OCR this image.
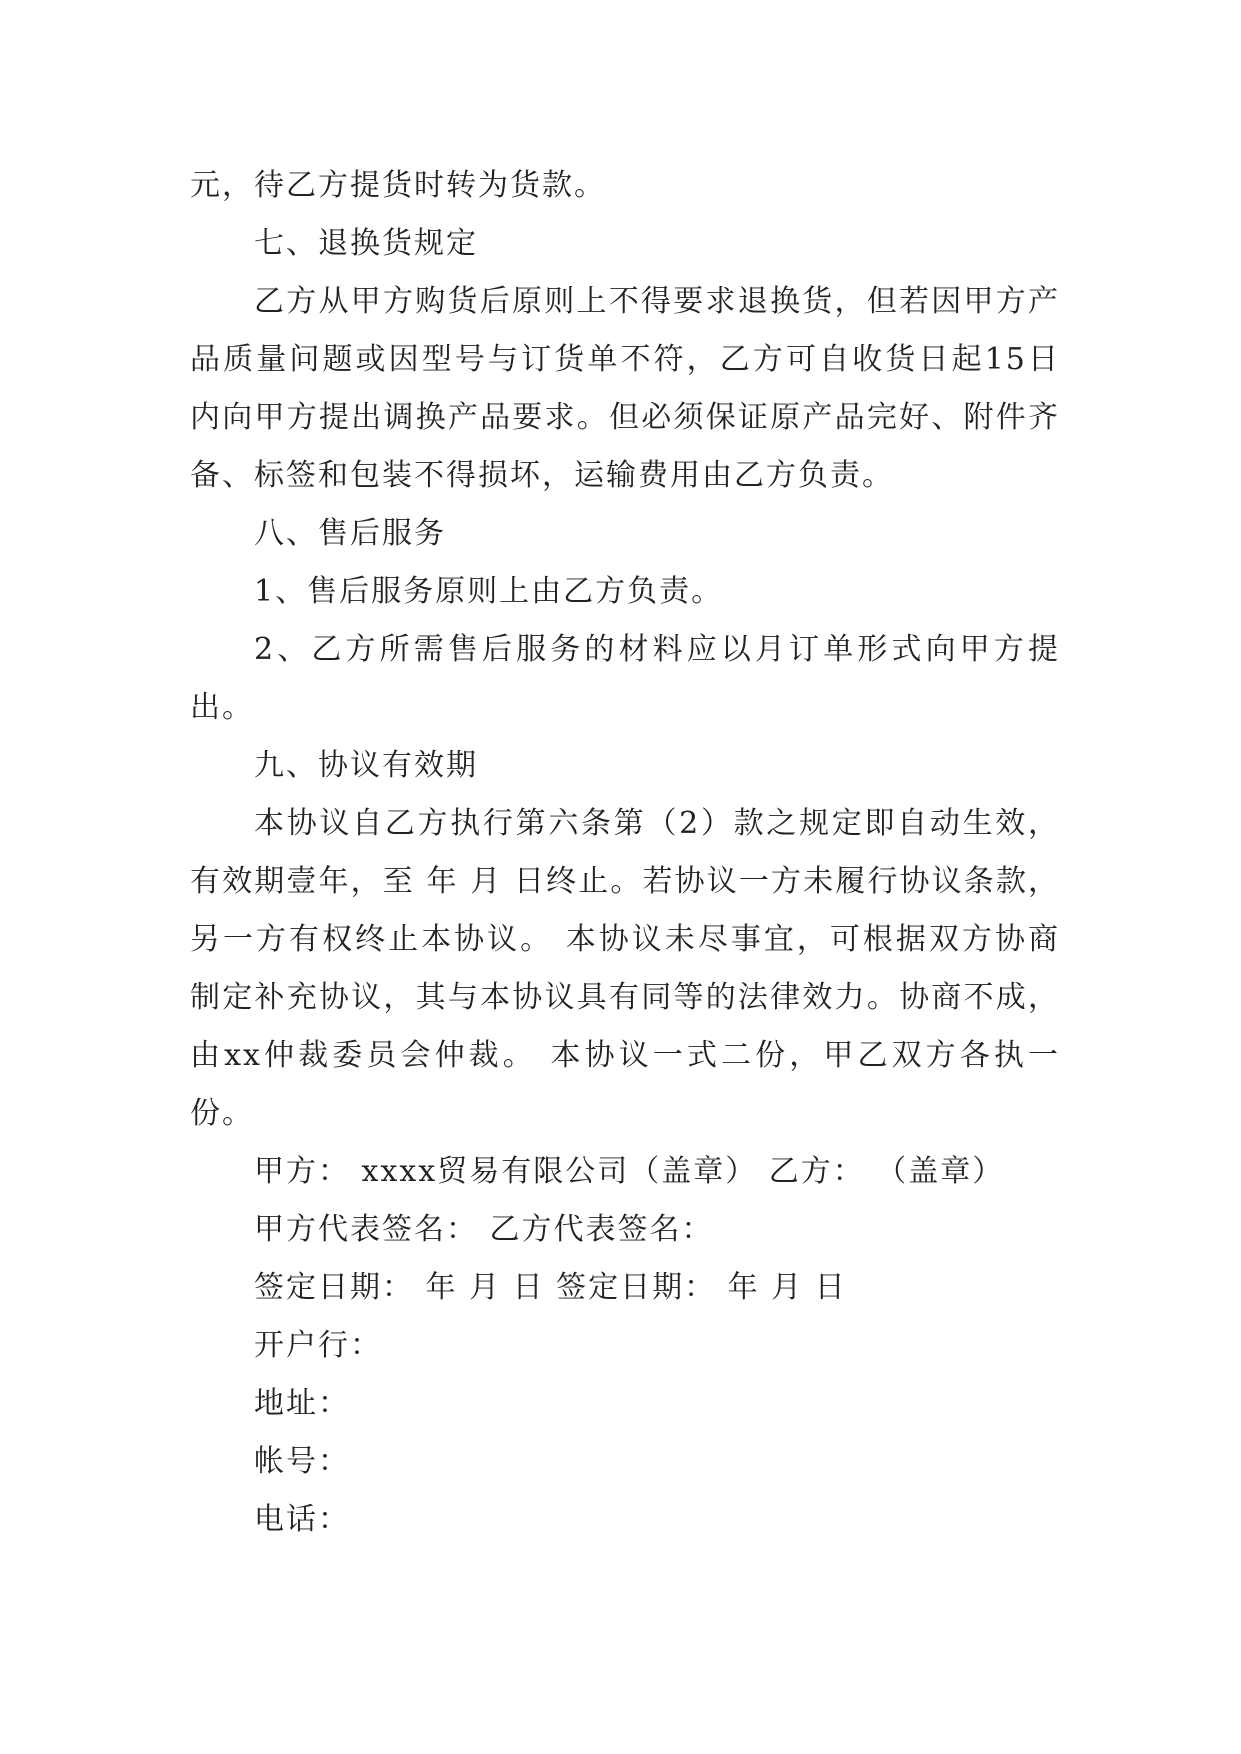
元，待乙方提货时转为货款。

七、退换货规定

乙方从甲方购货后原则上不得要求退换货，但若因甲方产品质量问题或因型号与订货单不符，乙方可自收货日起15日内向甲方提出调换产品要求。但必须保证原产品完好、附件齐备、标签和包装不得损坏，运输费用由乙方负责。

八、售后服务

1、售后服务原则上由乙方负责。

2、乙方所需售后服务的材料应以月订单形式向甲方提出。

九、协议有效期

本协议自乙方执行第六条第（2）款之规定即自动生效，有效期壹年，至 年 月 日终止。若协议一方未履行协议条款，另一方有权终止本协议。 本协议未尽事宜，可根据双方协商制定补充协议，其与本协议具有同等的法律效力。协商不成，由xx仲裁委员会仲裁。 本协议一式二份，甲乙双方各执一份。

甲方： xxxx贸易有限公司（盖章） 乙方： （盖章）

甲方代表签名： 乙方代表签名：

签定日期： 年 月 日 签定日期： 年 月 日

开户行：

地址：

帐号：

电话：
